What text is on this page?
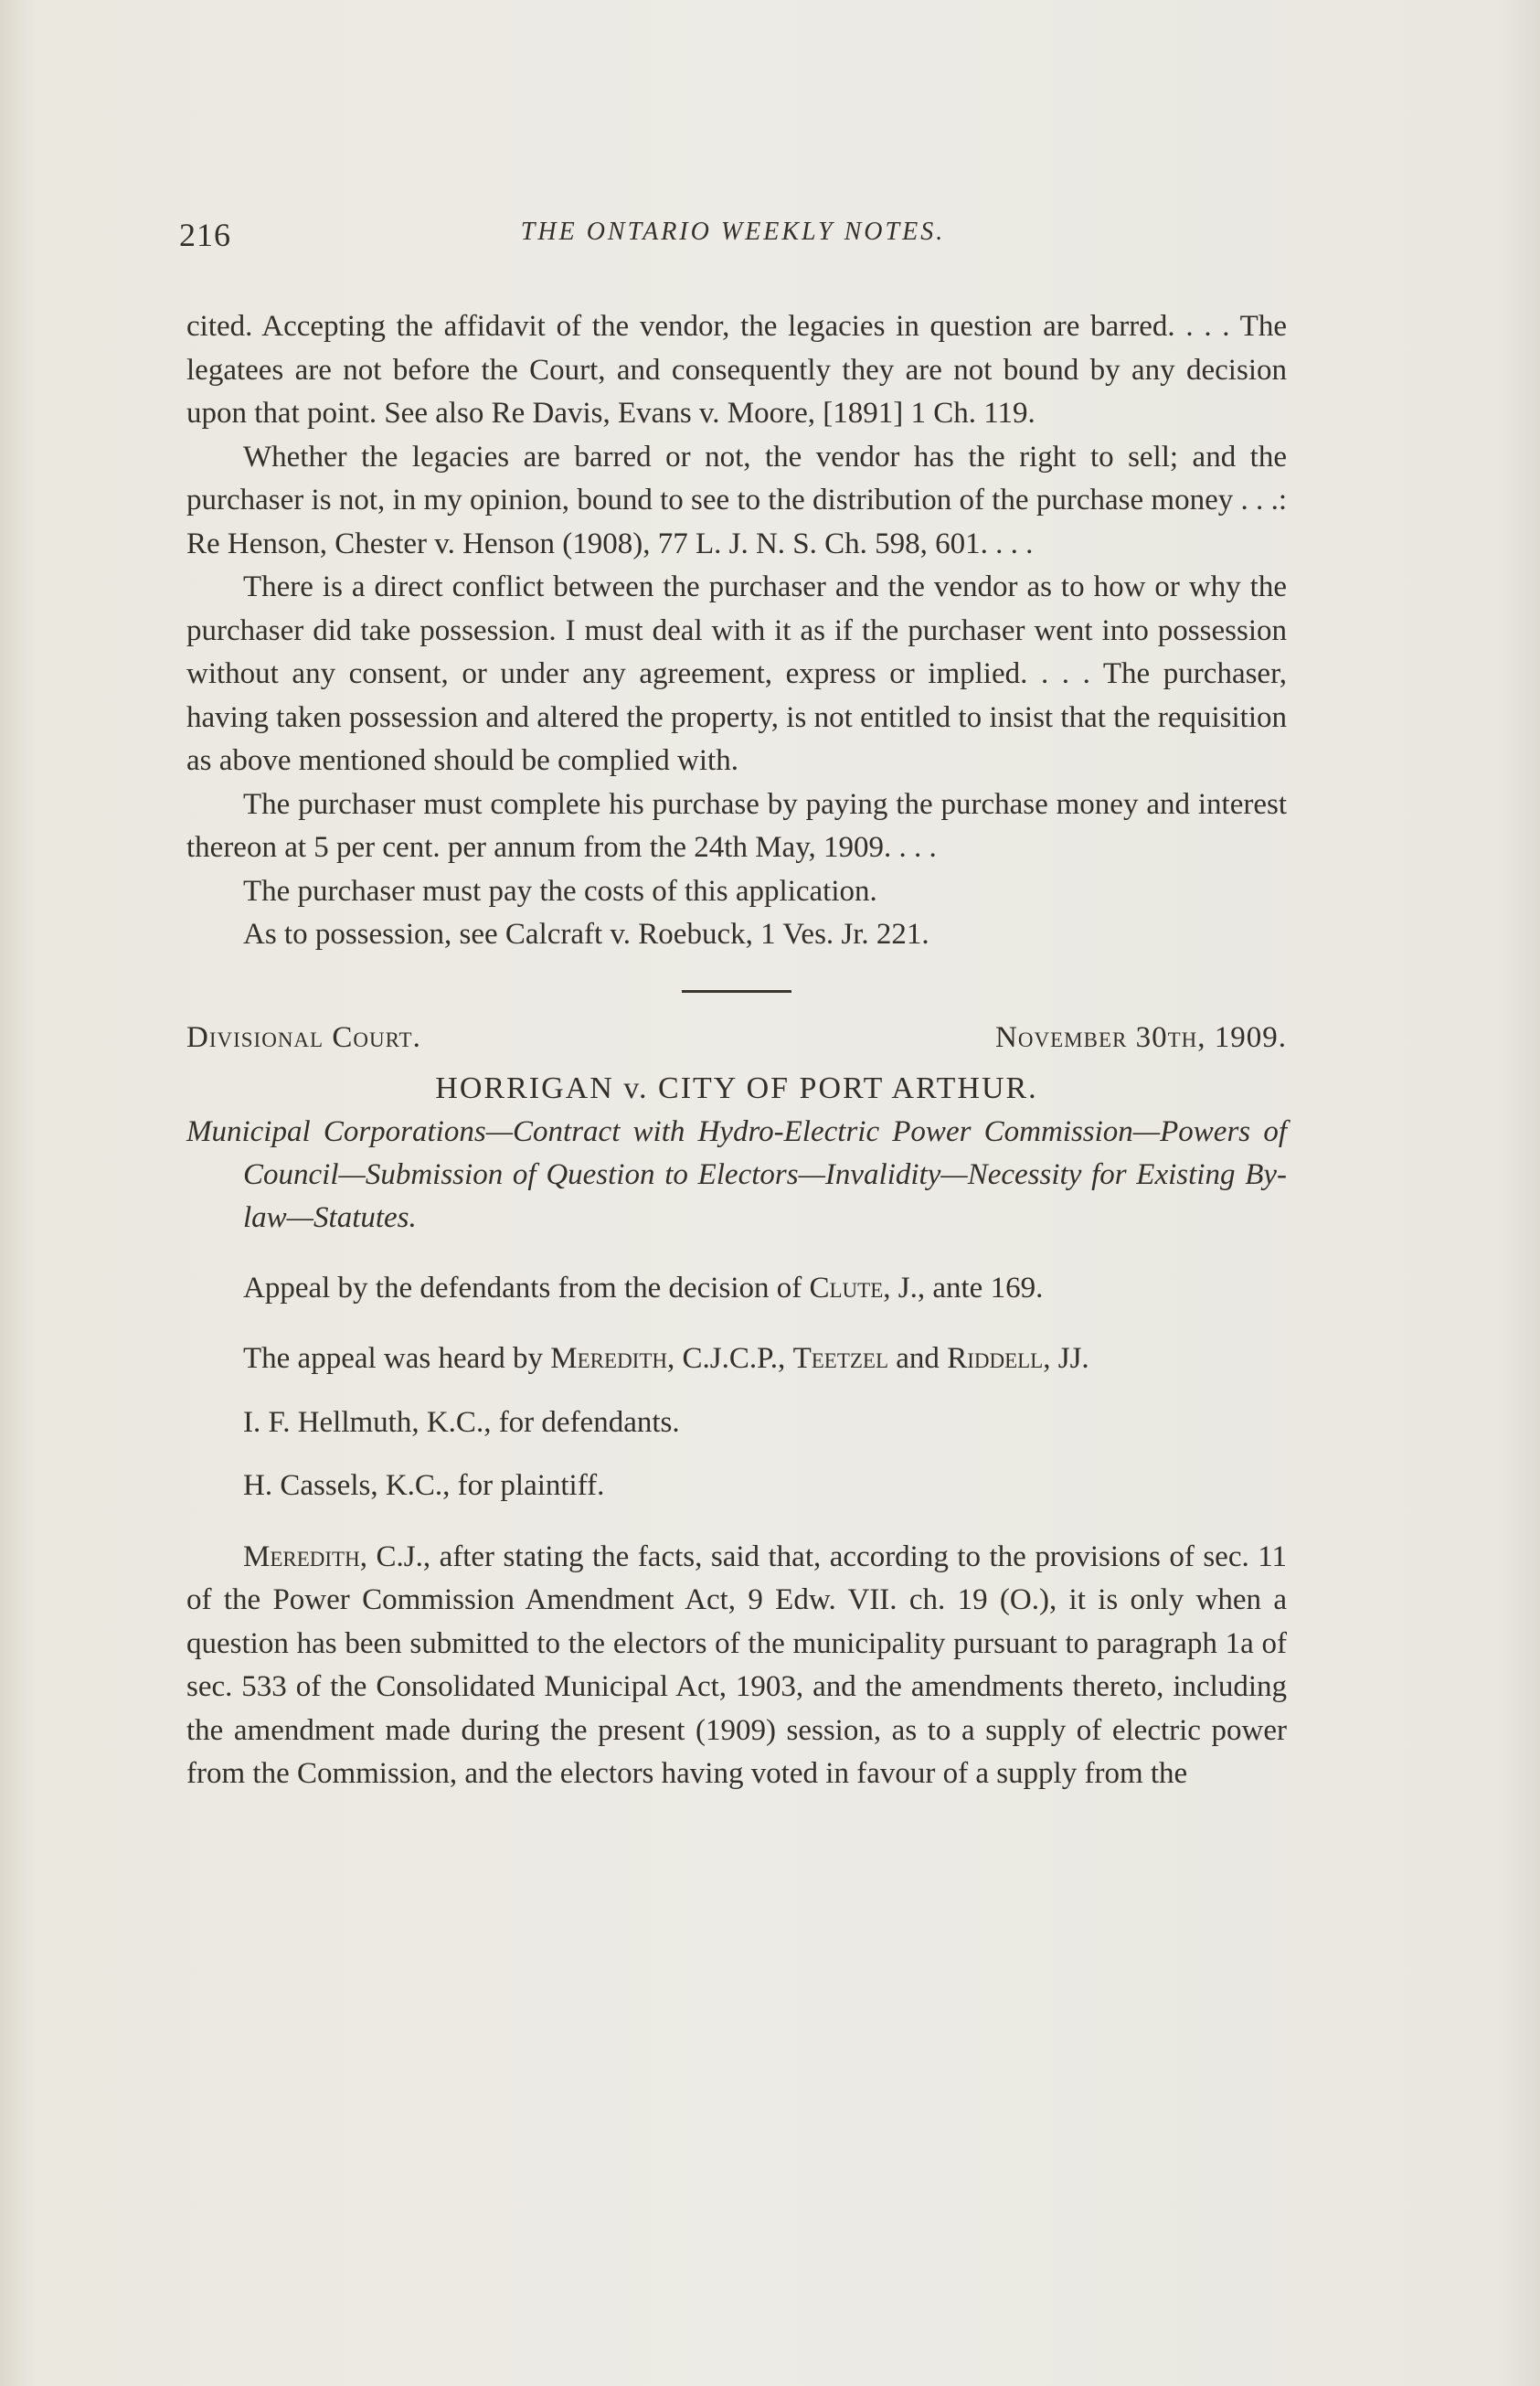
216	THE ONTARIO WEEKLY NOTES.

cited. Accepting the affidavit of the vendor, the legacies in question are barred. . . . The legatees are not before the Court, and consequently they are not bound by any decision upon that point. See also Re Davis, Evans v. Moore, [1891] 1 Ch. 119.

Whether the legacies are barred or not, the vendor has the right to sell; and the purchaser is not, in my opinion, bound to see to the distribution of the purchase money . . .: Re Henson, Chester v. Henson (1908), 77 L. J. N. S. Ch. 598, 601. . . .

There is a direct conflict between the purchaser and the vendor as to how or why the purchaser did take possession. I must deal with it as if the purchaser went into possession without any consent, or under any agreement, express or implied. . . . The purchaser, having taken possession and altered the property, is not entitled to insist that the requisition as above mentioned should be complied with.

The purchaser must complete his purchase by paying the purchase money and interest thereon at 5 per cent. per annum from the 24th May, 1909. . . .

The purchaser must pay the costs of this application.

As to possession, see Calcraft v. Roebuck, 1 Ves. Jr. 221.

Divisional Court.	November 30th, 1909.
HORRIGAN v. CITY OF PORT ARTHUR.

Municipal Corporations—Contract with Hydro-Electric Power Commission—Powers of Council—Submission of Question to Electors—Invalidity—Necessity for Existing By-law—Statutes.

Appeal by the defendants from the decision of Clute, J., ante 169.

The appeal was heard by Meredith, C.J.C.P., Teetzel and Riddell, JJ.

I. F. Hellmuth, K.C., for defendants.

H. Cassels, K.C., for plaintiff.

Meredith, C.J., after stating the facts, said that, according to the provisions of sec. 11 of the Power Commission Amendment Act, 9 Edw. VII. ch. 19 (O.), it is only when a question has been submitted to the electors of the municipality pursuant to paragraph 1a of sec. 533 of the Consolidated Municipal Act, 1903, and the amendments thereto, including the amendment made during the present (1909) session, as to a supply of electric power from the Commission, and the electors having voted in favour of a supply from the
